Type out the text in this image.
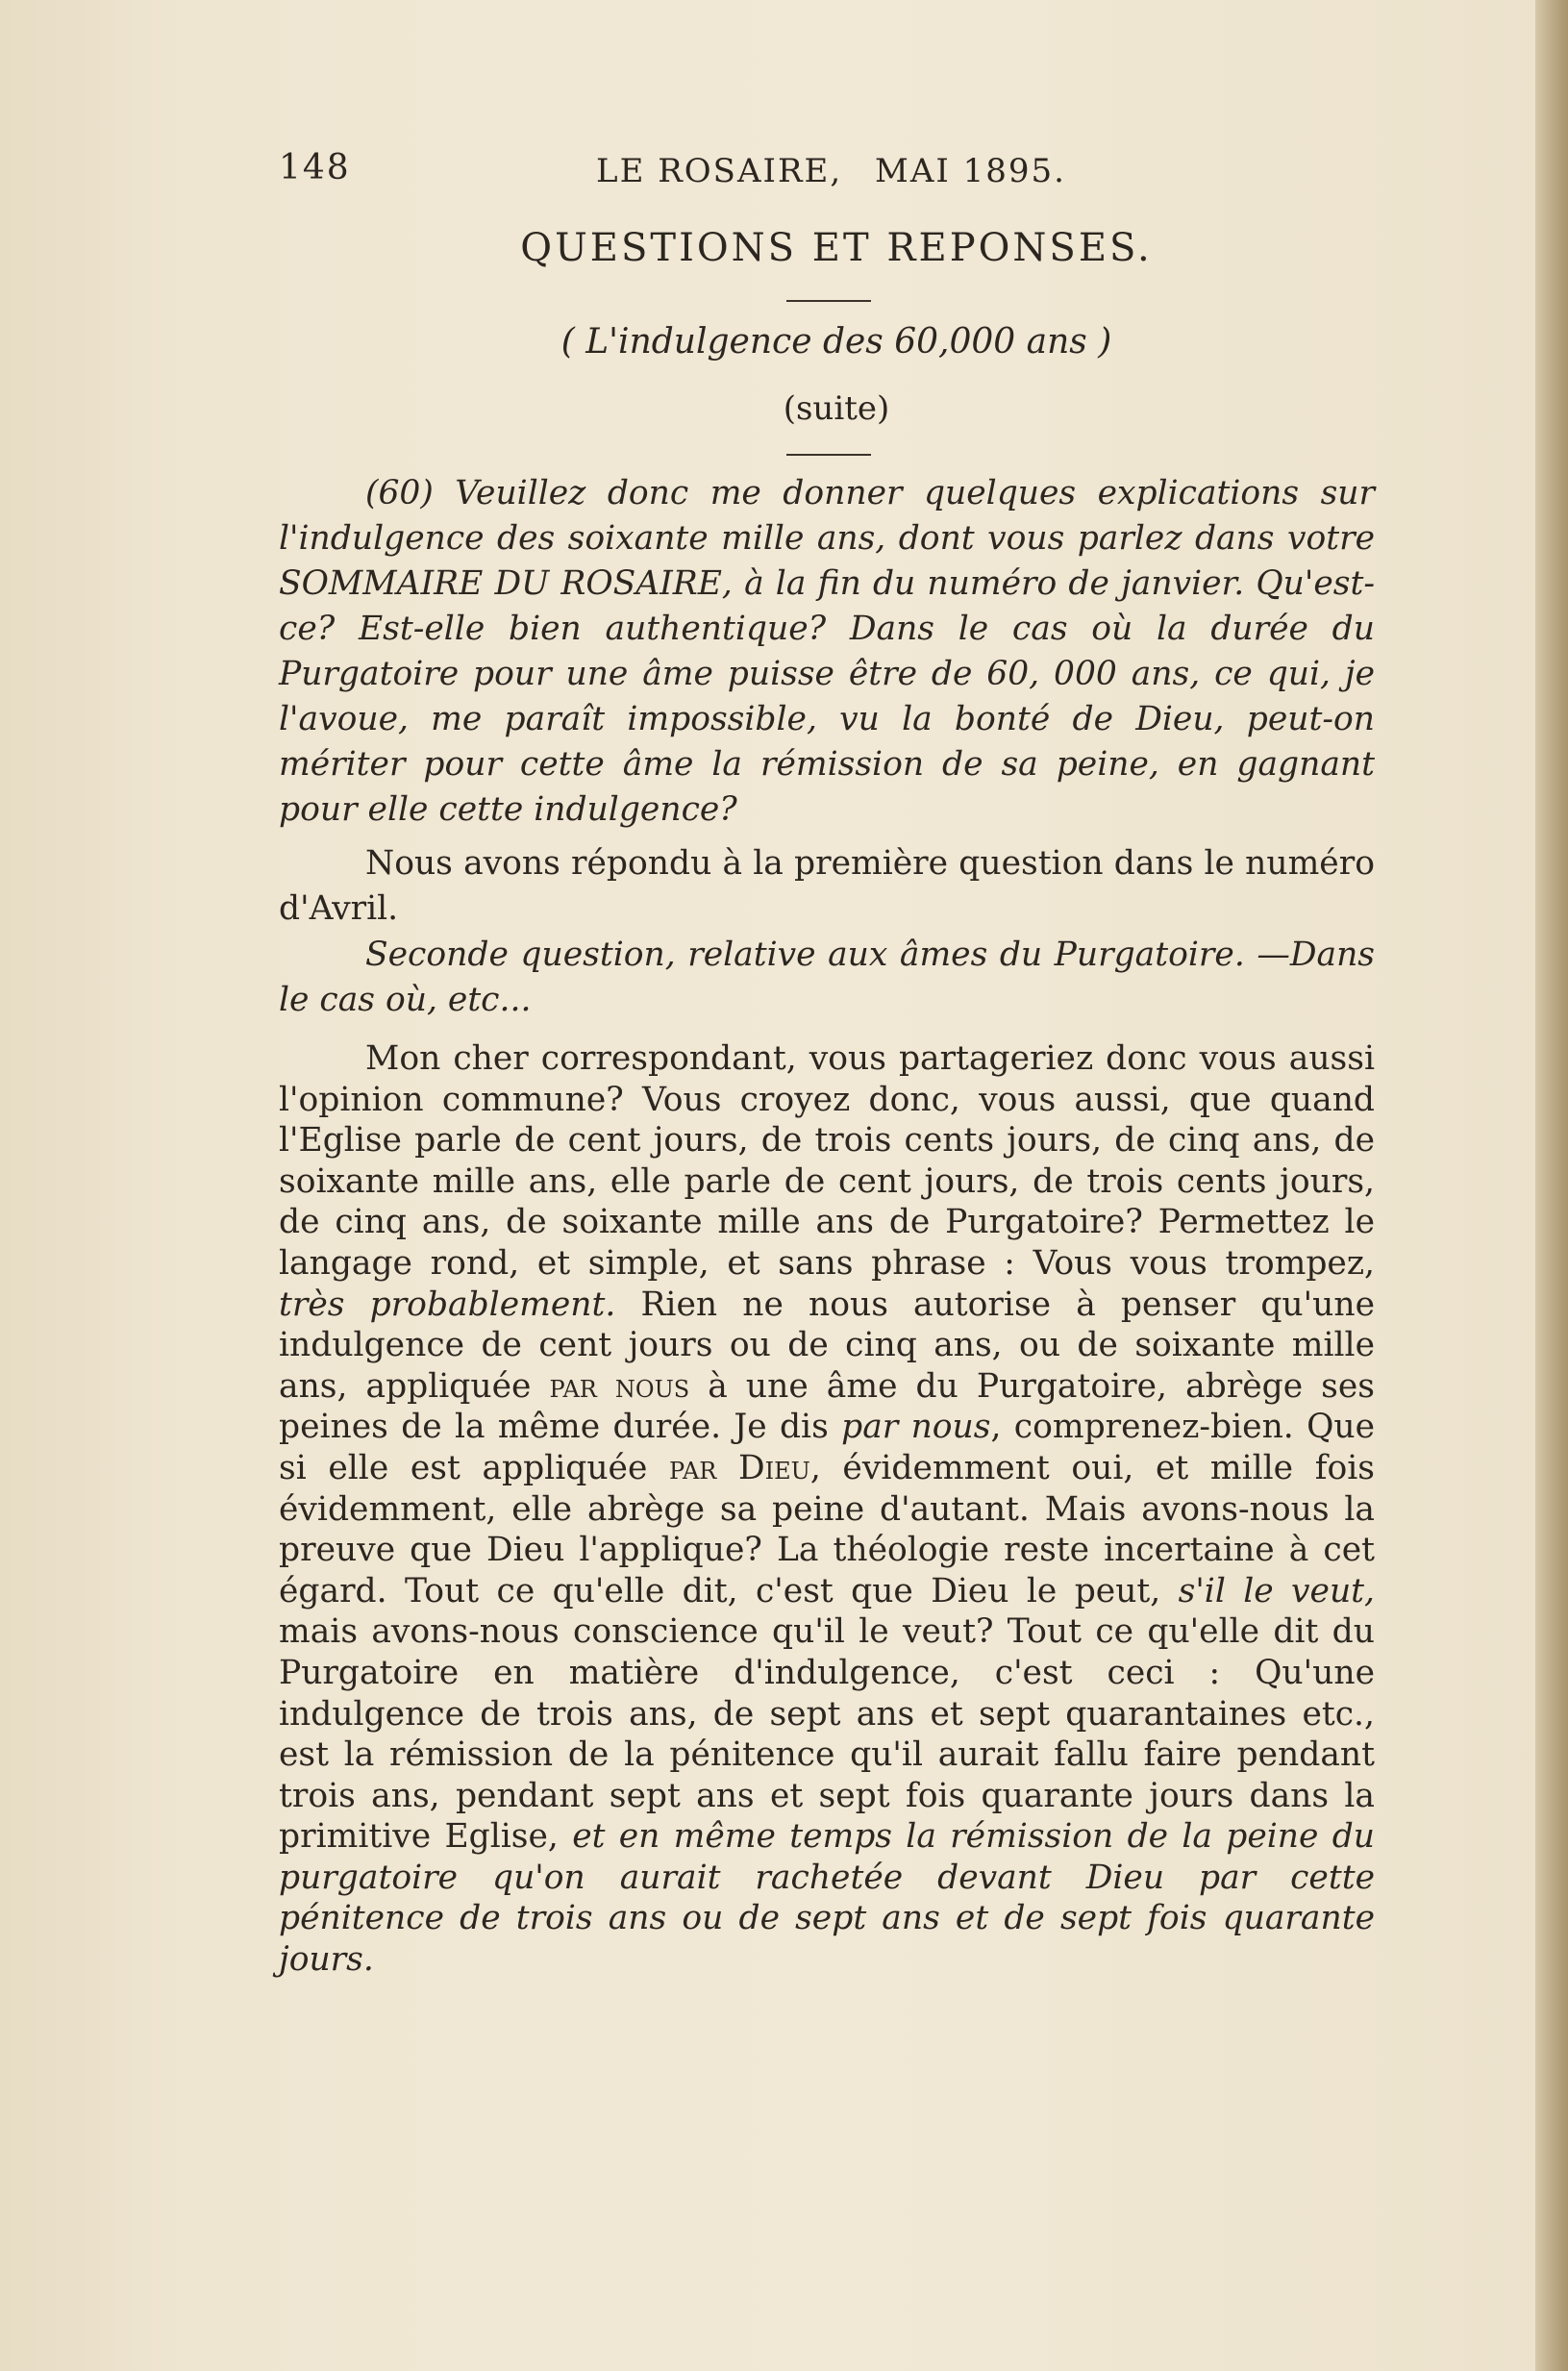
148	LE ROSAIRE, MAI 1895.
QUESTIONS ET REPONSES.
( L'indulgence des 60,000 ans )
(suite)

(60) Veuillez donc me donner quelques explications sur l'indulgence des soixante mille ans, dont vous parlez dans votre SOMMAIRE DU ROSAIRE, à la fin du numéro de janvier. Qu'est-ce? Est-elle bien authentique? Dans le cas où la durée du Purgatoire pour une âme puisse être de 60, 000 ans, ce qui, je l'avoue, me paraît impossible, vu la bonté de Dieu, peut-on mériter pour cette âme la rémission de sa peine, en gagnant pour elle cette indulgence?

Nous avons répondu à la première question dans le numéro d'Avril.

Seconde question, relative aux âmes du Purgatoire. —Dans le cas où, etc...

Mon cher correspondant, vous partageriez donc vous aussi l'opinion commune? Vous croyez donc, vous aussi, que quand l'Eglise parle de cent jours, de trois cents jours, de cinq ans, de soixante mille ans, elle parle de cent jours, de trois cents jours, de cinq ans, de soixante mille ans de Purgatoire? Permettez le langage rond, et simple, et sans phrase : Vous vous trompez, très probablement. Rien ne nous autorise à penser qu'une indulgence de cent jours ou de cinq ans, ou de soixante mille ans, appliquée par nous à une âme du Purgatoire, abrège ses peines de la même durée. Je dis par nous, comprenez-bien. Que si elle est appliquée par Dieu, évidemment oui, et mille fois évidemment, elle abrège sa peine d'autant. Mais avons-nous la preuve que Dieu l'applique? La théologie reste incertaine à cet égard. Tout ce qu'elle dit, c'est que Dieu le peut, s'il le veut, mais avons-nous conscience qu'il le veut? Tout ce qu'elle dit du Purgatoire en matière d'indulgence, c'est ceci : Qu'une indulgence de trois ans, de sept ans et sept quarantaines etc., est la rémission de la pénitence qu'il aurait fallu faire pendant trois ans, pendant sept ans et sept fois quarante jours dans la primitive Eglise, et en même temps la rémission de la peine du purgatoire qu'on aurait rachetée devant Dieu par cette pénitence de trois ans ou de sept ans et de sept fois quarante jours.
